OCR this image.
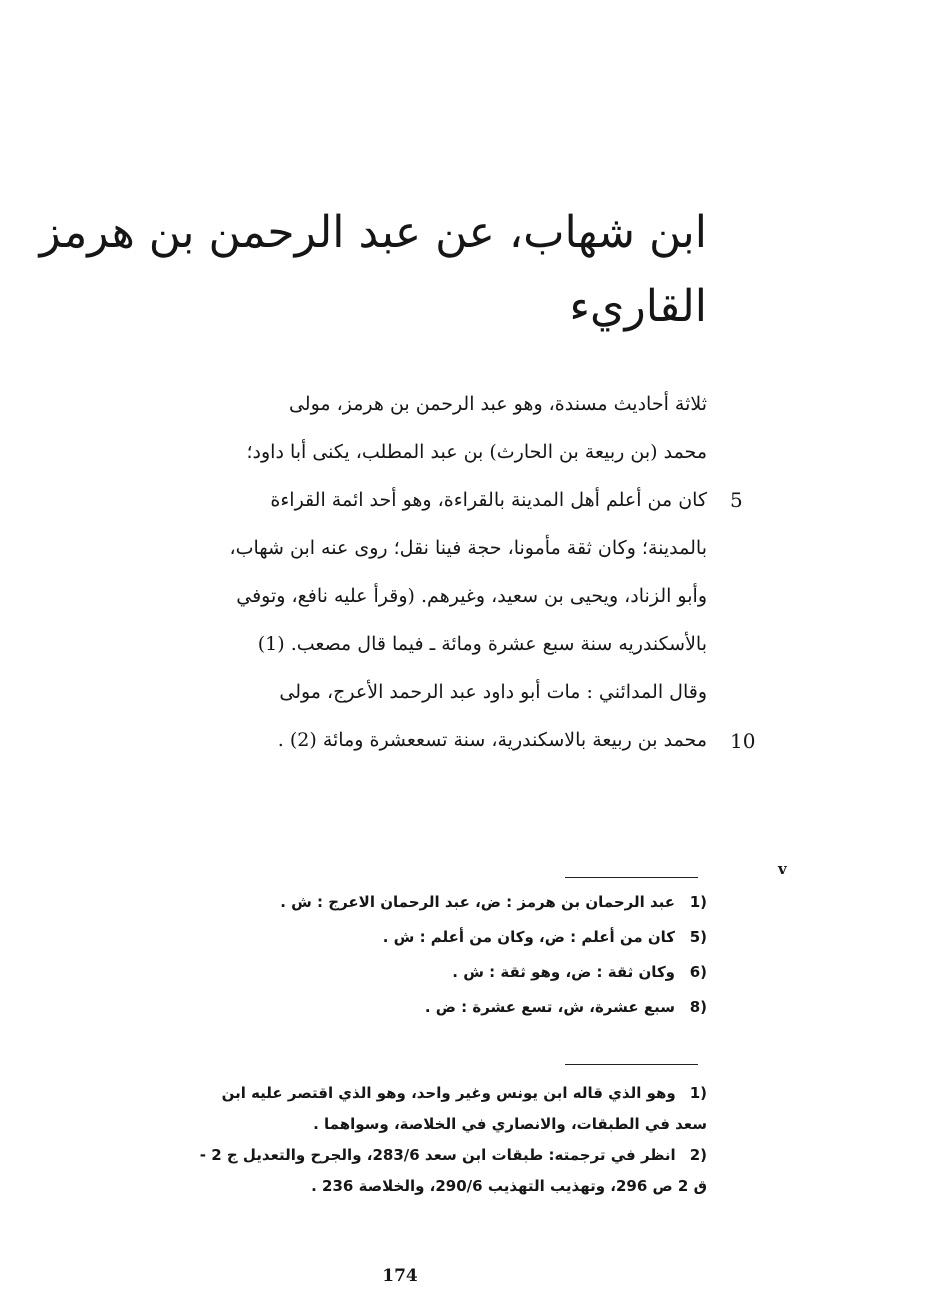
ابن شهاب، عن عبد الرحمن بن هرمز
القاريء
ثلاثة أحاديث مسندة، وهو عبد الرحمن بن هرمز، مولى
محمد (بن ربيعة بن الحارث) بن عبد المطلب، يكنى أبا داود؛
كان من أعلم أهل المدينة بالقراءة، وهو أحد ائمة القراءة
بالمدينة؛ وكان ثقة مأمونا، حجة فينا نقل؛ روى عنه ابن شهاب،
وأبو الزناد، ويحيى بن سعيد، وغيرهم. (وقرأ عليه نافع، وتوفي
بالأسكندريه سنة سبع عشرة ومائة ـ فيما قال مصعب. (1)
وقال المدائني : مات أبو داود عبد الرحمد الأعرج، مولى
محمد بن ربيعة بالاسكندرية، سنة تسععشرة ومائة (2) .
5
10
v
1)
عبد الرحمان بن هرمز : ض، عبد الرحمان الاعرج : ش .
5)
كان من أعلم : ض، وكان من أعلم : ش .
6)
وكان ثقة : ض، وهو ثقة : ش .
8)
سبع عشرة، ش، تسع عشرة : ض .
1)وهو الذي قاله ابن يونس وغير واحد، وهو الذي اقتصر عليه ابن
سعد في الطبقات، والانصاري في الخلاصة، وسواهما .
2)انظر في ترجمته: طبقات ابن سعد 283/6، والجرح والتعديل ج 2 -
ق 2 ص 296، وتهذيب التهذيب 290/6، والخلاصة 236 .
174
